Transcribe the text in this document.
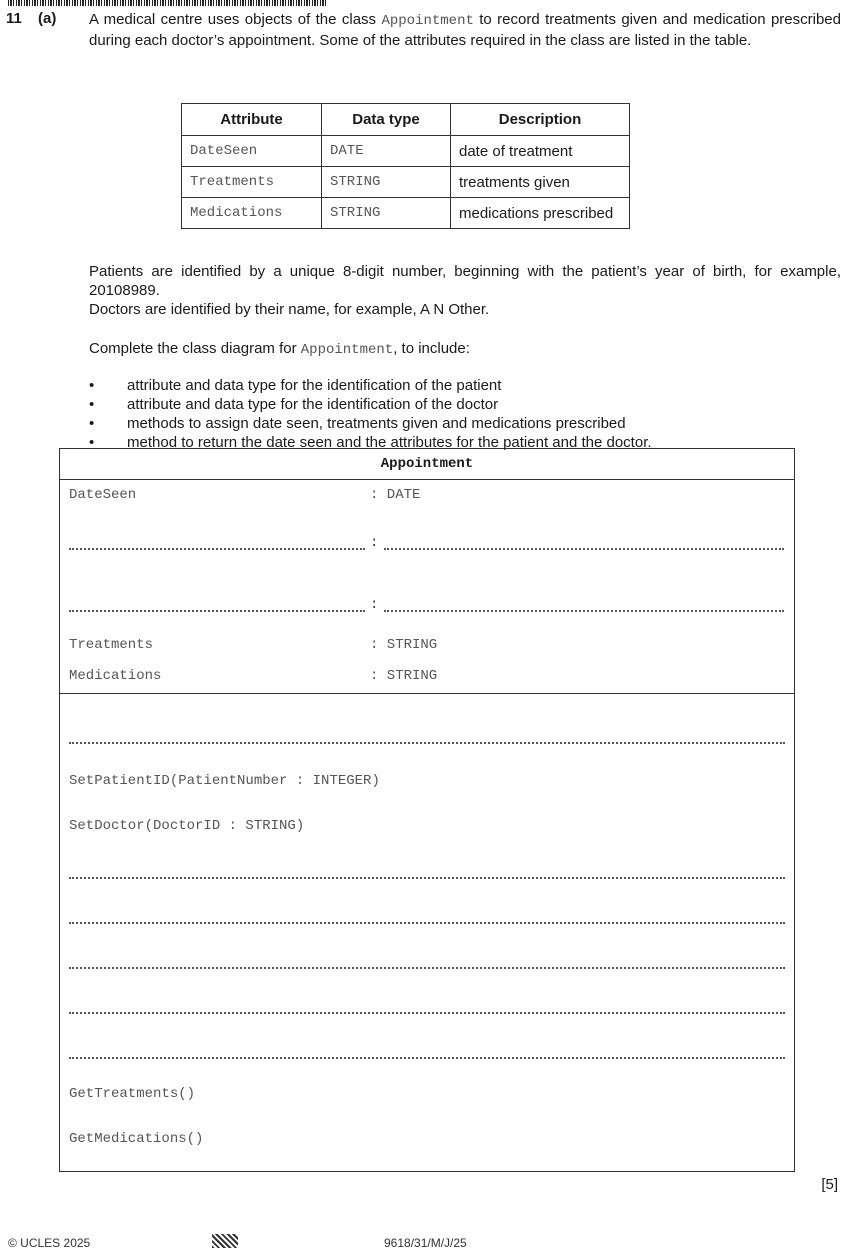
11 (a) A medical centre uses objects of the class Appointment to record treatments given and medication prescribed during each doctor’s appointment. Some of the attributes required in the class are listed in the table.
Attribute	Data type	Description
DateSeen	DATE	date of treatment
Treatments	STRING	treatments given
Medications	STRING	medications prescribed
Patients are identified by a unique 8-digit number, beginning with the patient’s year of birth, for example, 20108989.
Doctors are identified by their name, for example, A N Other.
Complete the class diagram for Appointment, to include:
• attribute and data type for the identification of the patient
• attribute and data type for the identification of the doctor
• methods to assign date seen, treatments given and medications prescribed
• method to return the date seen and the attributes for the patient and the doctor.
Appointment
DateSeen	: DATE
:
:
Treatments	: STRING
Medications	: STRING
SetPatientID(PatientNumber : INTEGER)
SetDoctor(DoctorID : STRING)
GetTreatments()
GetMedications()
[5]
© UCLES 2025	9618/31/M/J/25
